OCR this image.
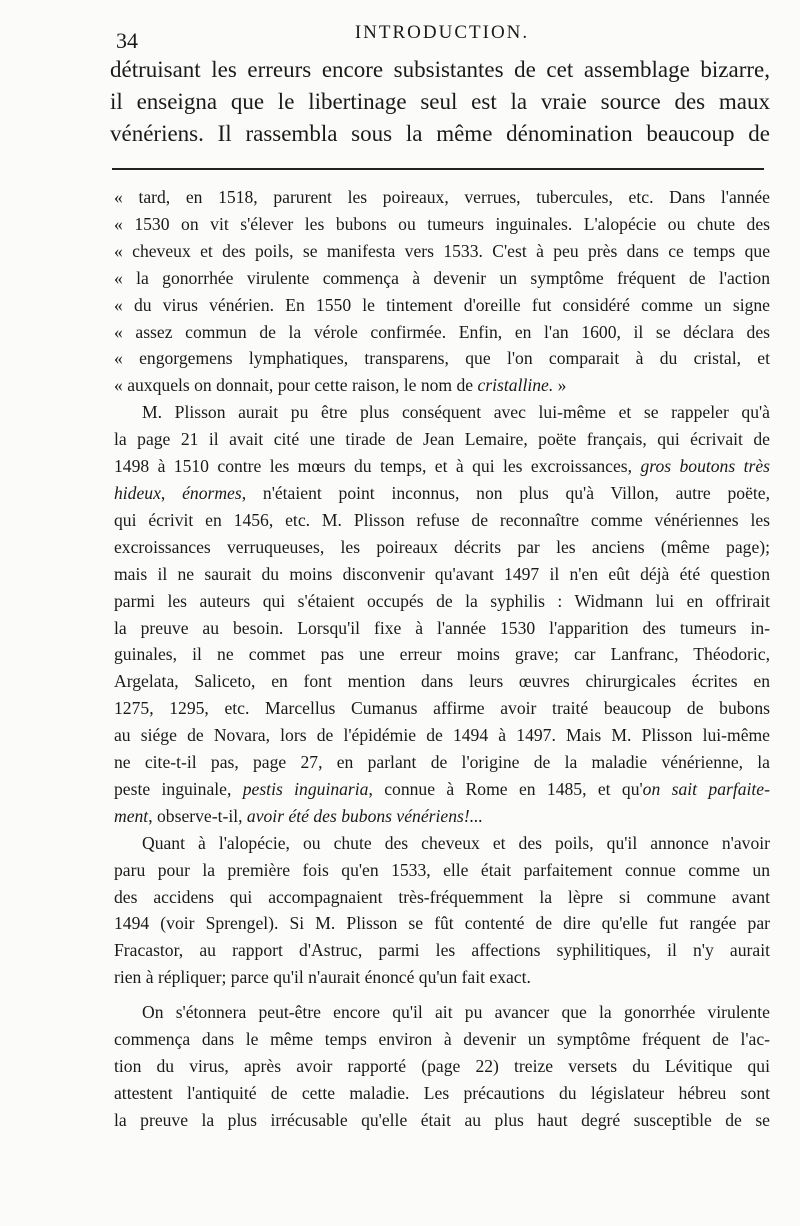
34	INTRODUCTION.
détruisant les erreurs encore subsistantes de cet assemblage bizarre,
il enseigna que le libertinage seul est la vraie source des maux
vénériens. Il rassembla sous la même dénomination beaucoup de
« tard, en 1518, parurent les poireaux, verrues, tubercules, etc. Dans l'année
« 1530 on vit s'élever les bubons ou tumeurs inguinales. L'alopécie ou chute des
« cheveux et des poils, se manifesta vers 1533. C'est à peu près dans ce temps que
« la gonorrhée virulente commença à devenir un symptôme fréquent de l'action
« du virus vénérien. En 1550 le tintement d'oreille fut considéré comme un signe
« assez commun de la vérole confirmée. Enfin, en l'an 1600, il se déclara des
« engorgemens lymphatiques, transparens, que l'on comparait à du cristal, et
« auxquels on donnait, pour cette raison, le nom de cristalline. »
M. Plisson aurait pu être plus conséquent avec lui-même et se rappeler qu'à
la page 21 il avait cité une tirade de Jean Lemaire, poëte français, qui écrivait de
1498 à 1510 contre les mœurs du temps, et à qui les excroissances, gros boutons très
hideux, énormes, n'étaient point inconnus, non plus qu'à Villon, autre poëte,
qui écrivit en 1456, etc. M. Plisson refuse de reconnaître comme vénériennes les
excroissances verruqueuses, les poireaux décrits par les anciens (même page);
mais il ne saurait du moins disconvenir qu'avant 1497 il n'en eût déjà été question
parmi les auteurs qui s'étaient occupés de la syphilis : Widmann lui en offrirait
la preuve au besoin. Lorsqu'il fixe à l'année 1530 l'apparition des tumeurs in-
guinales, il ne commet pas une erreur moins grave; car Lanfranc, Théodoric,
Argelata, Saliceto, en font mention dans leurs œuvres chirurgicales écrites en
1275, 1295, etc. Marcellus Cumanus affirme avoir traité beaucoup de bubons
au siége de Novara, lors de l'épidémie de 1494 à 1497. Mais M. Plisson lui-même
ne cite-t-il pas, page 27, en parlant de l'origine de la maladie vénérienne, la
peste inguinale, pestis inguinaria, connue à Rome en 1485, et qu'on sait parfaite-
ment, observe-t-il, avoir été des bubons vénériens!...
Quant à l'alopécie, ou chute des cheveux et des poils, qu'il annonce n'avoir
paru pour la première fois qu'en 1533, elle était parfaitement connue comme un
des accidens qui accompagnaient très-fréquemment la lèpre si commune avant
1494 (voir Sprengel). Si M. Plisson se fût contenté de dire qu'elle fut rangée par
Fracastor, au rapport d'Astruc, parmi les affections syphilitiques, il n'y aurait
rien à répliquer; parce qu'il n'aurait énoncé qu'un fait exact.
On s'étonnera peut-être encore qu'il ait pu avancer que la gonorrhée virulente
commença dans le même temps environ à devenir un symptôme fréquent de l'ac-
tion du virus, après avoir rapporté (page 22) treize versets du Lévitique qui
attestent l'antiquité de cette maladie. Les précautions du législateur hébreu sont
la preuve la plus irrécusable qu'elle était au plus haut degré susceptible de se
